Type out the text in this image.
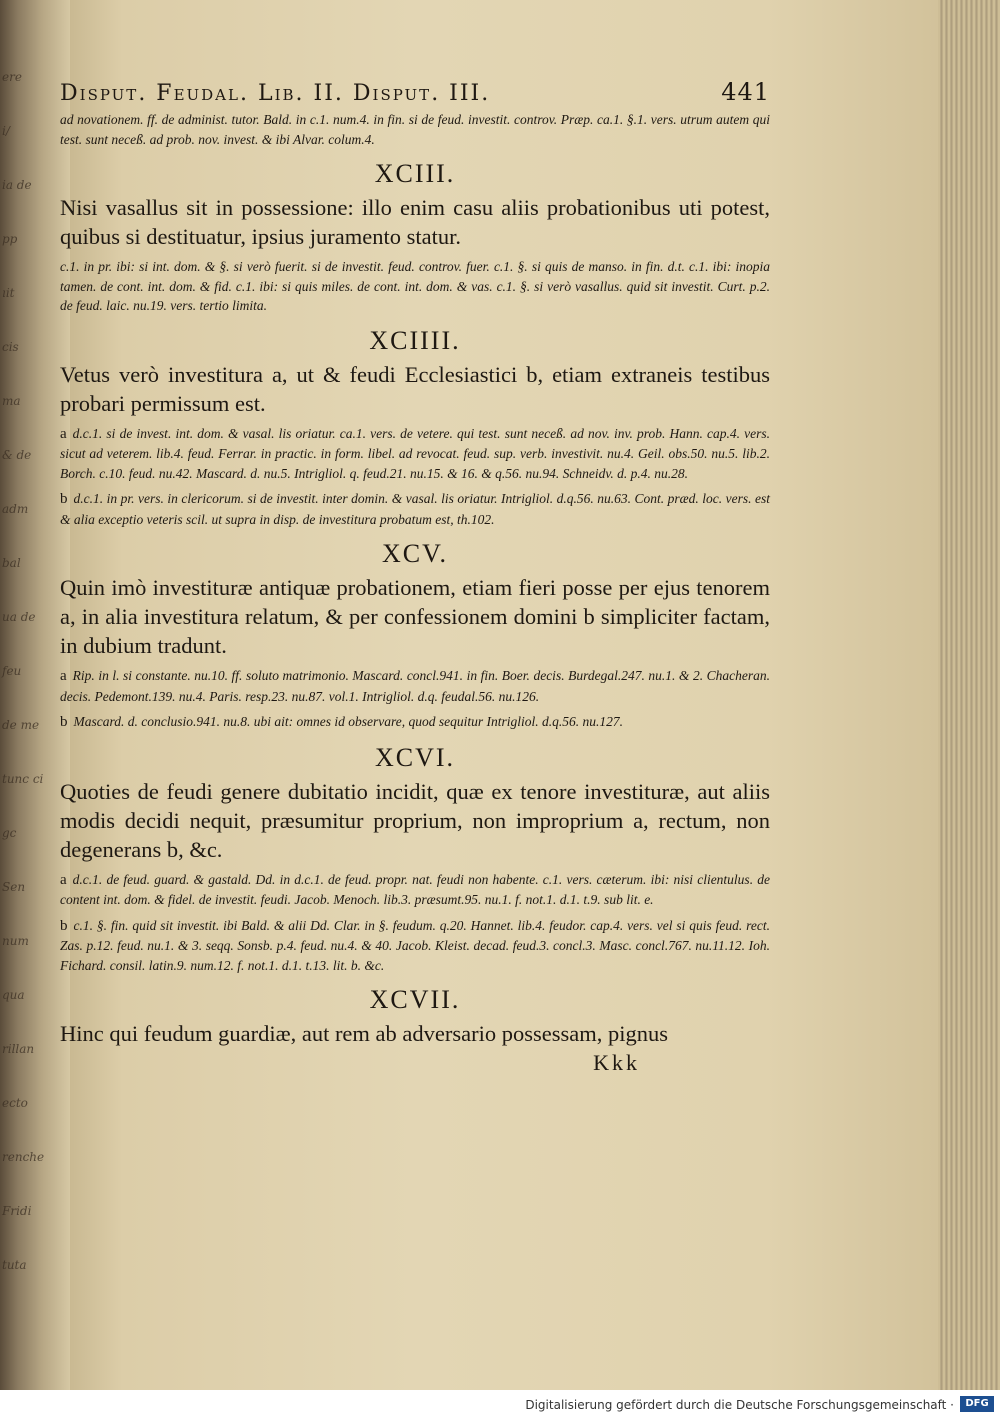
ere
i/
ia de
pp
ıit
cis
ma
& de
adm
bal
ua de
feu
de me
tunc ci
gc
Sen
num
qua
rillan
ecto
renche
Fridi
tuta
Disput. Feudal. Lib. II. Disput. III.	441

ad novationem. ff. de administ. tutor. Bald. in c.1. num.4. in fin. si de feud. investit. controv. Præp. ca.1. §.1. vers. utrum autem qui test. sunt neceß. ad prob. nov. invest. & ibi Alvar. colum.4.

XCIII.

Nisi vasallus sit in possessione: illo enim casu aliis probationibus uti potest, quibus si destituatur, ipsius juramento statur.

c.1. in pr. ibi: si int. dom. & §. si verò fuerit. si de investit. feud. controv. fuer. c.1. §. si quis de manso. in fin. d.t. c.1. ibi: inopia tamen. de cont. int. dom. & fid. c.1. ibi: si quis miles. de cont. int. dom. & vas. c.1. §. si verò vasallus. quid sit investit. Curt. p.2. de feud. laic. nu.19. vers. tertio limita.

XCIIII.

Vetus verò investitura a, ut & feudi Ecclesiastici b, etiam extraneis testibus probari permissum est.

a d.c.1. si de invest. int. dom. & vasal. lis oriatur. ca.1. vers. de vetere. qui test. sunt neceß. ad nov. inv. prob. Hann. cap.4. vers. sicut ad veterem. lib.4. feud. Ferrar. in practic. in form. libel. ad revocat. feud. sup. verb. investivit. nu.4. Geil. obs.50. nu.5. lib.2. Borch. c.10. feud. nu.42. Mascard. d. nu.5. Intrigliol. q. feud.21. nu.15. & 16. & q.56. nu.94. Schneidv. d. p.4. nu.28.

b d.c.1. in pr. vers. in clericorum. si de investit. inter domin. & vasal. lis oriatur. Intrigliol. d.q.56. nu.63. Cont. præd. loc. vers. est & alia exceptio veteris scil. ut supra in disp. de investitura probatum est, th.102.

XCV.

Quin imò investituræ antiquæ probationem, etiam fieri posse per ejus tenorem a, in alia investitura relatum, & per confessionem domini b simpliciter factam, in dubium tradunt.

a Rip. in l. si constante. nu.10. ff. soluto matrimonio. Mascard. concl.941. in fin. Boer. decis. Burdegal.247. nu.1. & 2. Chacheran. decis. Pedemont.139. nu.4. Paris. resp.23. nu.87. vol.1. Intrigliol. d.q. feudal.56. nu.126.

b Mascard. d. conclusio.941. nu.8. ubi ait: omnes id observare, quod sequitur Intrigliol. d.q.56. nu.127.

XCVI.

Quoties de feudi genere dubitatio incidit, quæ ex tenore investituræ, aut aliis modis decidi nequit, præsumitur proprium, non improprium a, rectum, non degenerans b, &c.

a d.c.1. de feud. guard. & gastald. Dd. in d.c.1. de feud. propr. nat. feudi non habente. c.1. vers. cæterum. ibi: nisi clientulus. de content int. dom. & fidel. de investit. feudi. Jacob. Menoch. lib.3. præsumt.95. nu.1. f. not.1. d.1. t.9. sub lit. e.

b c.1. §. fin. quid sit investit. ibi Bald. & alii Dd. Clar. in §. feudum. q.20. Hannet. lib.4. feudor. cap.4. vers. vel si quis feud. rect. Zas. p.12. feud. nu.1. & 3. seqq. Sonsb. p.4. feud. nu.4. & 40. Jacob. Kleist. decad. feud.3. concl.3. Masc. concl.767. nu.11.12. Ioh. Fichard. consil. latin.9. num.12. f. not.1. d.1. t.13. lit. b. &c.

XCVII.

Hinc qui feudum guardiæ, aut rem ab adversario possessam, pignus

Kkk
Digitalisierung gefördert durch die Deutsche Forschungsgemeinschaft ·	DFG
